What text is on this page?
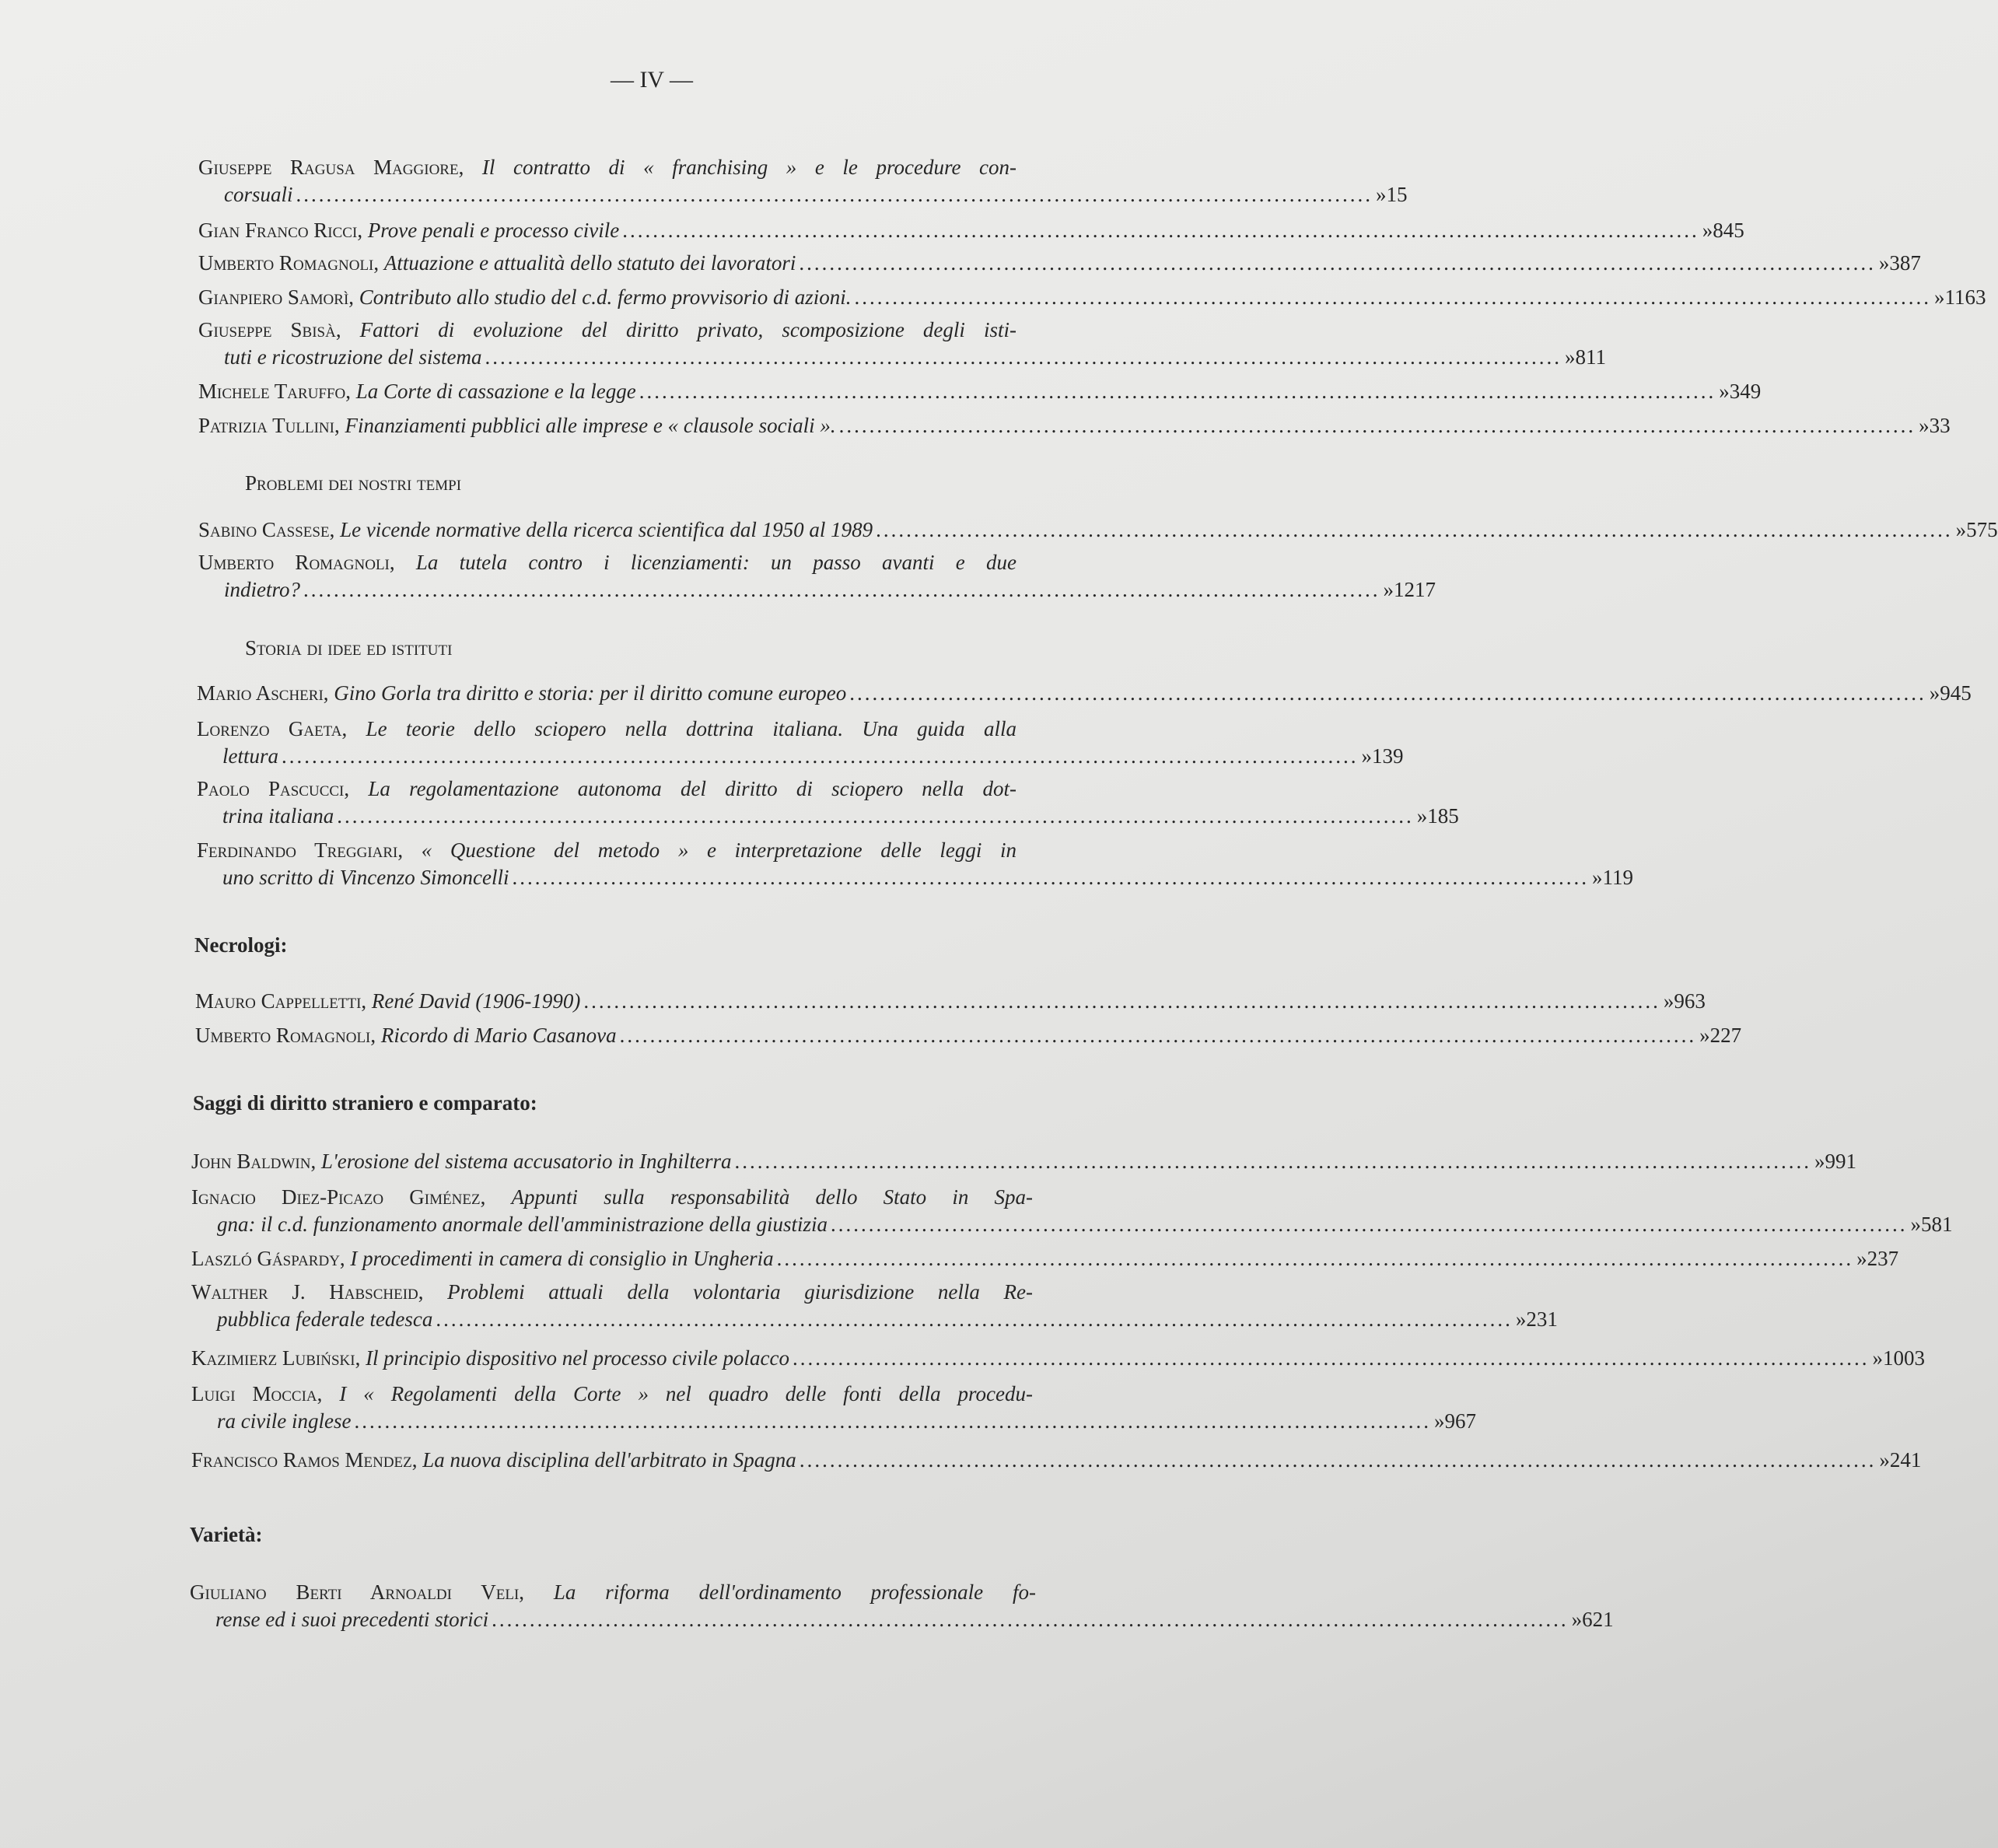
— IV —
Giuseppe Ragusa Maggiore, Il contratto di « franchising » e le procedure con-
corsuali .............................................................................................................................................. » 15
Gian Franco Ricci, Prove penali e processo civile .............................................................................................................................................. » 845
Umberto Romagnoli, Attuazione e attualità dello statuto dei lavoratori .............................................................................................................................................. » 387
Gianpiero Samorì, Contributo allo studio del c.d. fermo provvisorio di azioni. .............................................................................................................................................. » 1163
Giuseppe Sbisà, Fattori di evoluzione del diritto privato, scomposizione degli isti-
tuti e ricostruzione del sistema .............................................................................................................................................. » 811
Michele Taruffo, La Corte di cassazione e la legge .............................................................................................................................................. » 349
Patrizia Tullini, Finanziamenti pubblici alle imprese e « clausole sociali ». .............................................................................................................................................. » 33
Problemi dei nostri tempi
Sabino Cassese, Le vicende normative della ricerca scientifica dal 1950 al 1989 .............................................................................................................................................. » 575
Umberto Romagnoli, La tutela contro i licenziamenti: un passo avanti e due
indietro? .............................................................................................................................................. » 1217
Storia di idee ed istituti
Mario Ascheri, Gino Gorla tra diritto e storia: per il diritto comune europeo .............................................................................................................................................. » 945
Lorenzo Gaeta, Le teorie dello sciopero nella dottrina italiana. Una guida alla
lettura .............................................................................................................................................. » 139
Paolo Pascucci, La regolamentazione autonoma del diritto di sciopero nella dot-
trina italiana .............................................................................................................................................. » 185
Ferdinando Treggiari, « Questione del metodo » e interpretazione delle leggi in
uno scritto di Vincenzo Simoncelli .............................................................................................................................................. » 119
Necrologi:
Mauro Cappelletti, René David (1906-1990) .............................................................................................................................................. » 963
Umberto Romagnoli, Ricordo di Mario Casanova .............................................................................................................................................. » 227
Saggi di diritto straniero e comparato:
John Baldwin, L'erosione del sistema accusatorio in Inghilterra .............................................................................................................................................. » 991
Ignacio Diez-Picazo Giménez, Appunti sulla responsabilità dello Stato in Spa-
gna: il c.d. funzionamento anormale dell'amministrazione della giustizia .............................................................................................................................................. » 581
Laszló Gáspardy, I procedimenti in camera di consiglio in Ungheria .............................................................................................................................................. » 237
Walther J. Habscheid, Problemi attuali della volontaria giurisdizione nella Re-
pubblica federale tedesca .............................................................................................................................................. » 231
Kazimierz Lubiński, Il principio dispositivo nel processo civile polacco .............................................................................................................................................. » 1003
Luigi Moccia, I « Regolamenti della Corte » nel quadro delle fonti della procedu-
ra civile inglese .............................................................................................................................................. » 967
Francisco Ramos Mendez, La nuova disciplina dell'arbitrato in Spagna .............................................................................................................................................. » 241
Varietà:
Giuliano Berti Arnoaldi Veli, La riforma dell'ordinamento professionale fo-
rense ed i suoi precedenti storici .............................................................................................................................................. » 621
